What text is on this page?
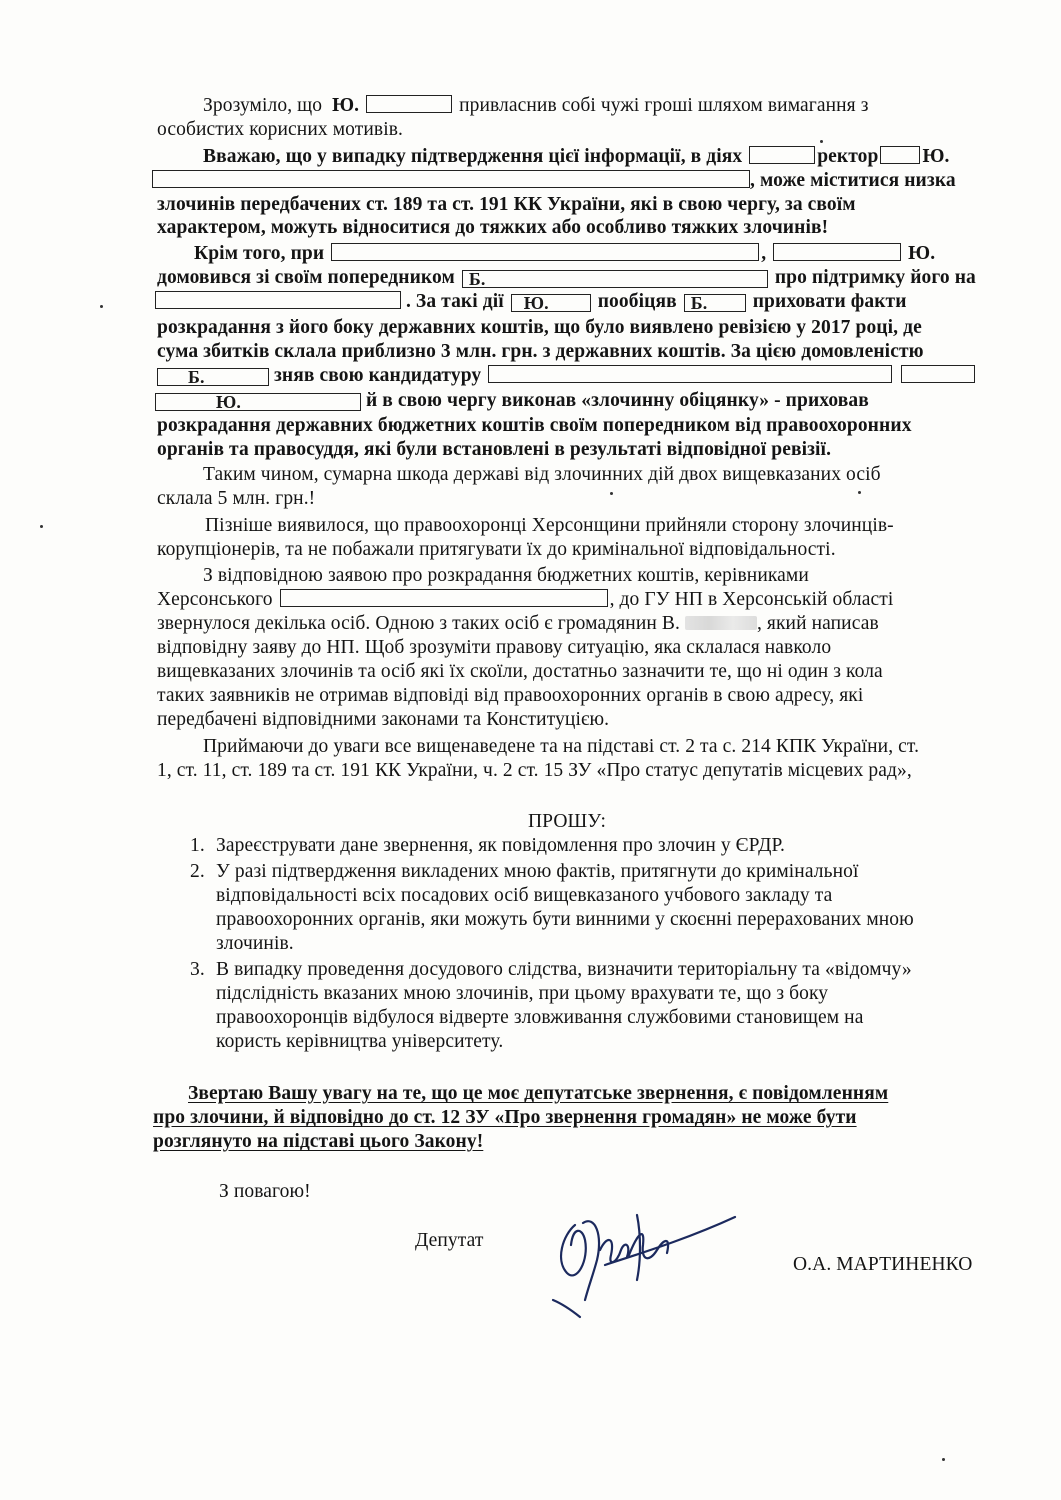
Зрозуміло, що Ю.	привласнив собі чужі гроші шляхом вимагання з
особистих корисних мотивів.
Вважаю, що у випадку підтвердження цієї інформації, в діях	ректор Ю.
, може міститися низка
злочинів передбачених ст. 189 та ст. 191 КК України, які в свою чергу, за своїм
характером, можуть відноситися до тяжких або особливо тяжких злочинів!
Крім того, при	,	Ю.
домовився зі своїм попередником Б.	про підтримку його на
. За такі дії Ю.	пообіцяв Б. приховати факти
розкрадання з його боку державних коштів, що було виявлено ревізією у 2017 році, де
сума збитків склала приблизно 3 млн. грн. з державних коштів. За цією домовленістю
Б.	зняв свою кандидатуру
Ю.	й в свою чергу виконав «злочинну обіцянку» - приховав
розкрадання державних бюджетних коштів своїм попередником від правоохоронних
органів та правосуддя, які були встановлені в результаті відповідної ревізії.
Таким чином, сумарна шкода державі від злочинних дій двох вищевказаних осіб
склала 5 млн. грн.!
Пізніше виявилося, що правоохоронці Херсонщини прийняли сторону злочинців-
корупціонерів, та не побажали притягувати їх до кримінальної відповідальності.
З відповідною заявою про розкрадання бюджетних коштів, керівниками
Херсонського	, до ГУ НП в Херсонській області
звернулося декілька осіб. Одною з таких осіб є громадянин В.	, який написав
відповідну заяву до НП. Щоб зрозуміти правову ситуацію, яка склалася навколо
вищевказаних злочинів та осіб які їх скоїли, достатньо зазначити те, що ні один з кола
таких заявників не отримав відповіді від правоохоронних органів в свою адресу, які
передбачені відповідними законами та Конституцією.
Приймаючи до уваги все вищенаведене та на підставі ст. 2 та с. 214 КПК України, ст.
1, ст. 11, ст. 189 та ст. 191 КК України, ч. 2 ст. 15 ЗУ «Про статус депутатів місцевих рад»,
ПРОШУ:
1. Зареєструвати дане звернення, як повідомлення про злочин у ЄРДР.
2. У разі підтвердження викладених мною фактів, притягнути до кримінальної
відповідальності всіх посадових осіб вищевказаного учбового закладу та
правоохоронних органів, яки можуть бути винними у скоєнні перерахованих мною
злочинів.
3. В випадку проведення досудового слідства, визначити територіальну та «відомчу»
підслідність вказаних мною злочинів, при цьому врахувати те, що з боку
правоохоронців відбулося відверте зловживання службовими становищем на
користь керівництва університету.
Звертаю Вашу увагу на те, що це моє депутатське звернення, є повідомленням
про злочини, й відповідно до ст. 12 ЗУ «Про звернення громадян» не може бути
розглянуто на підставі цього Закону!
З повагою!
Депутат
О.А. МАРТИНЕНКО
